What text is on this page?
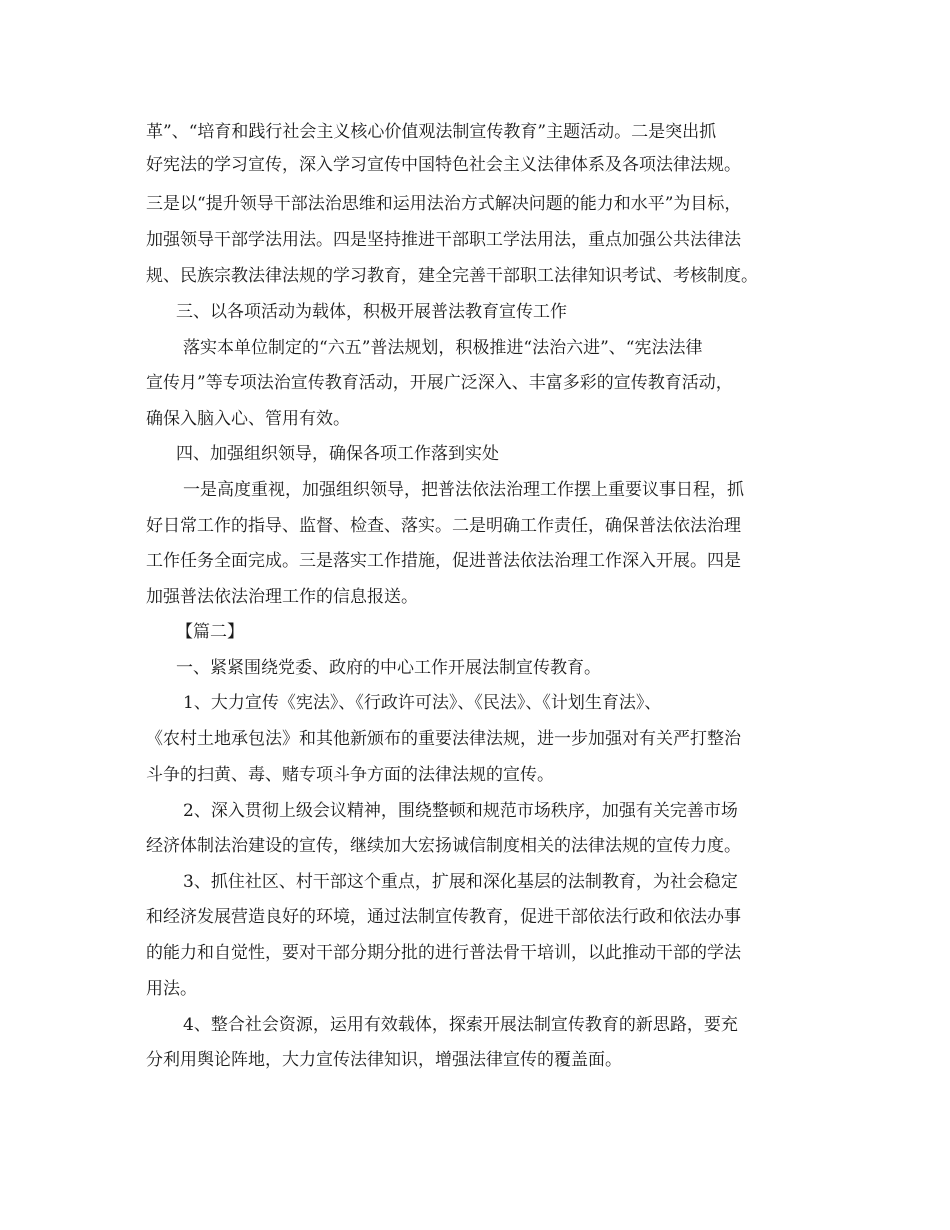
革”、“培育和践行社会主义核心价值观法制宣传教育”主题活动。二是突出抓
好宪法的学习宣传，深入学习宣传中国特色社会主义法律体系及各项法律法规。
三是以“提升领导干部法治思维和运用法治方式解决问题的能力和水平”为目标，
加强领导干部学法用法。四是坚持推进干部职工学法用法，重点加强公共法律法
规、民族宗教法律法规的学习教育，建全完善干部职工法律知识考试、考核制度。
三、以各项活动为载体，积极开展普法教育宣传工作
落实本单位制定的“六五”普法规划，积极推进“法治六进”、“宪法法律
宣传月”等专项法治宣传教育活动，开展广泛深入、丰富多彩的宣传教育活动，
确保入脑入心、管用有效。
四、加强组织领导，确保各项工作落到实处
一是高度重视，加强组织领导，把普法依法治理工作摆上重要议事日程，抓
好日常工作的指导、监督、检查、落实。二是明确工作责任，确保普法依法治理
工作任务全面完成。三是落实工作措施，促进普法依法治理工作深入开展。四是
加强普法依法治理工作的信息报送。
【篇二】
一、紧紧围绕党委、政府的中心工作开展法制宣传教育。
1、大力宣传《宪法》、《行政许可法》、《民法》、《计划生育法》、
《农村土地承包法》和其他新颁布的重要法律法规，进一步加强对有关严打整治
斗争的扫黄、毒、赌专项斗争方面的法律法规的宣传。
2、深入贯彻上级会议精神，围绕整顿和规范市场秩序，加强有关完善市场
经济体制法治建设的宣传，继续加大宏扬诚信制度相关的法律法规的宣传力度。
3、抓住社区、村干部这个重点，扩展和深化基层的法制教育，为社会稳定
和经济发展营造良好的环境，通过法制宣传教育，促进干部依法行政和依法办事
的能力和自觉性，要对干部分期分批的进行普法骨干培训，以此推动干部的学法
用法。
4、整合社会资源，运用有效载体，探索开展法制宣传教育的新思路，要充
分利用舆论阵地，大力宣传法律知识，增强法律宣传的覆盖面。
